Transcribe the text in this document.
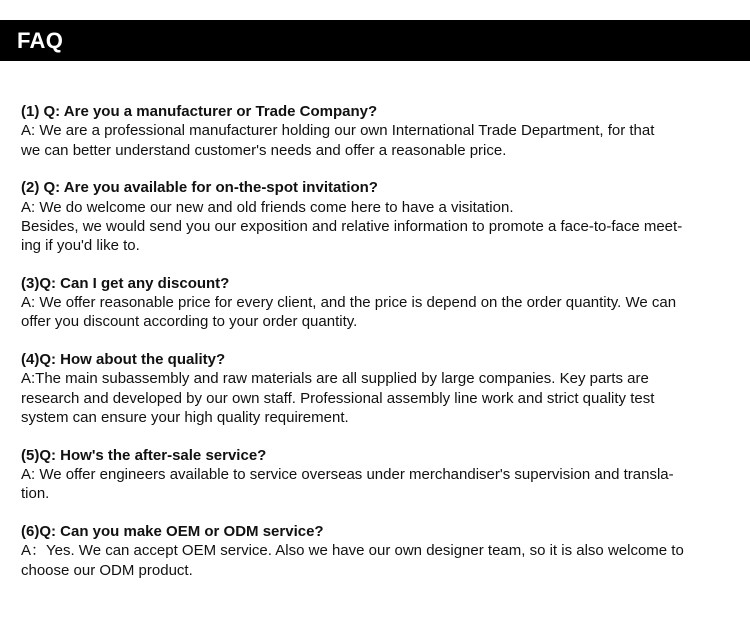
FAQ

(1) Q: Are you a manufacturer or Trade Company?

A: We are a professional manufacturer holding our own International Trade Department, for that

we can better understand customer's needs and offer a reasonable price.

(2) Q: Are you available for on-the-spot invitation?

A: We do welcome our new and old friends come here to have a visitation.

Besides, we would send you our exposition and relative information to promote a face-to-face meet-

ing if you'd like to.

(3)Q: Can I get any discount?

A: We offer reasonable price for every client, and the price is depend on the order quantity. We can

offer you discount according to your order quantity.

(4)Q: How about the quality?

A:The main subassembly and raw materials are all supplied by large companies. Key parts are

research and developed by our own staff. Professional assembly line work and strict quality test

system can ensure your high quality requirement.

(5)Q: How's the after-sale service?

A: We offer engineers available to service overseas under merchandiser's supervision and transla-

tion.

(6)Q: Can you make OEM or ODM service?

A：Yes. We can accept OEM service. Also we have our own designer team, so it is also welcome to

choose our ODM product.
